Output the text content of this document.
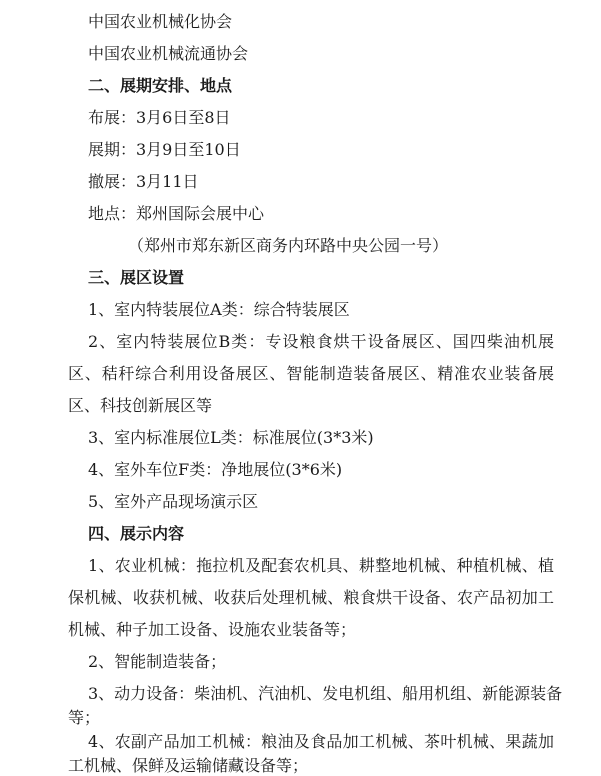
中国农业机械化协会
中国农业机械流通协会
二、展期安排、地点
布展：3月6日至8日
展期：3月9日至10日
撤展：3月11日
地点：郑州国际会展中心
（郑州市郑东新区商务内环路中央公园一号）
三、展区设置
1、室内特装展位A类：综合特装展区
2、室内特装展位B类：专设粮食烘干设备展区、国四柴油机展
区、秸秆综合利用设备展区、智能制造装备展区、精准农业装备展
区、科技创新展区等
3、室内标准展位L类：标准展位(3*3米)
4、室外车位F类：净地展位(3*6米)
5、室外产品现场演示区
四、展示内容
1、农业机械：拖拉机及配套农机具、耕整地机械、种植机械、植
保机械、收获机械、收获后处理机械、粮食烘干设备、农产品初加工
机械、种子加工设备、设施农业装备等；
2、智能制造装备；
3、动力设备：柴油机、汽油机、发电机组、船用机组、新能源装备
等；
4、农副产品加工机械：粮油及食品加工机械、茶叶机械、果蔬加
工机械、保鲜及运输储藏设备等；
